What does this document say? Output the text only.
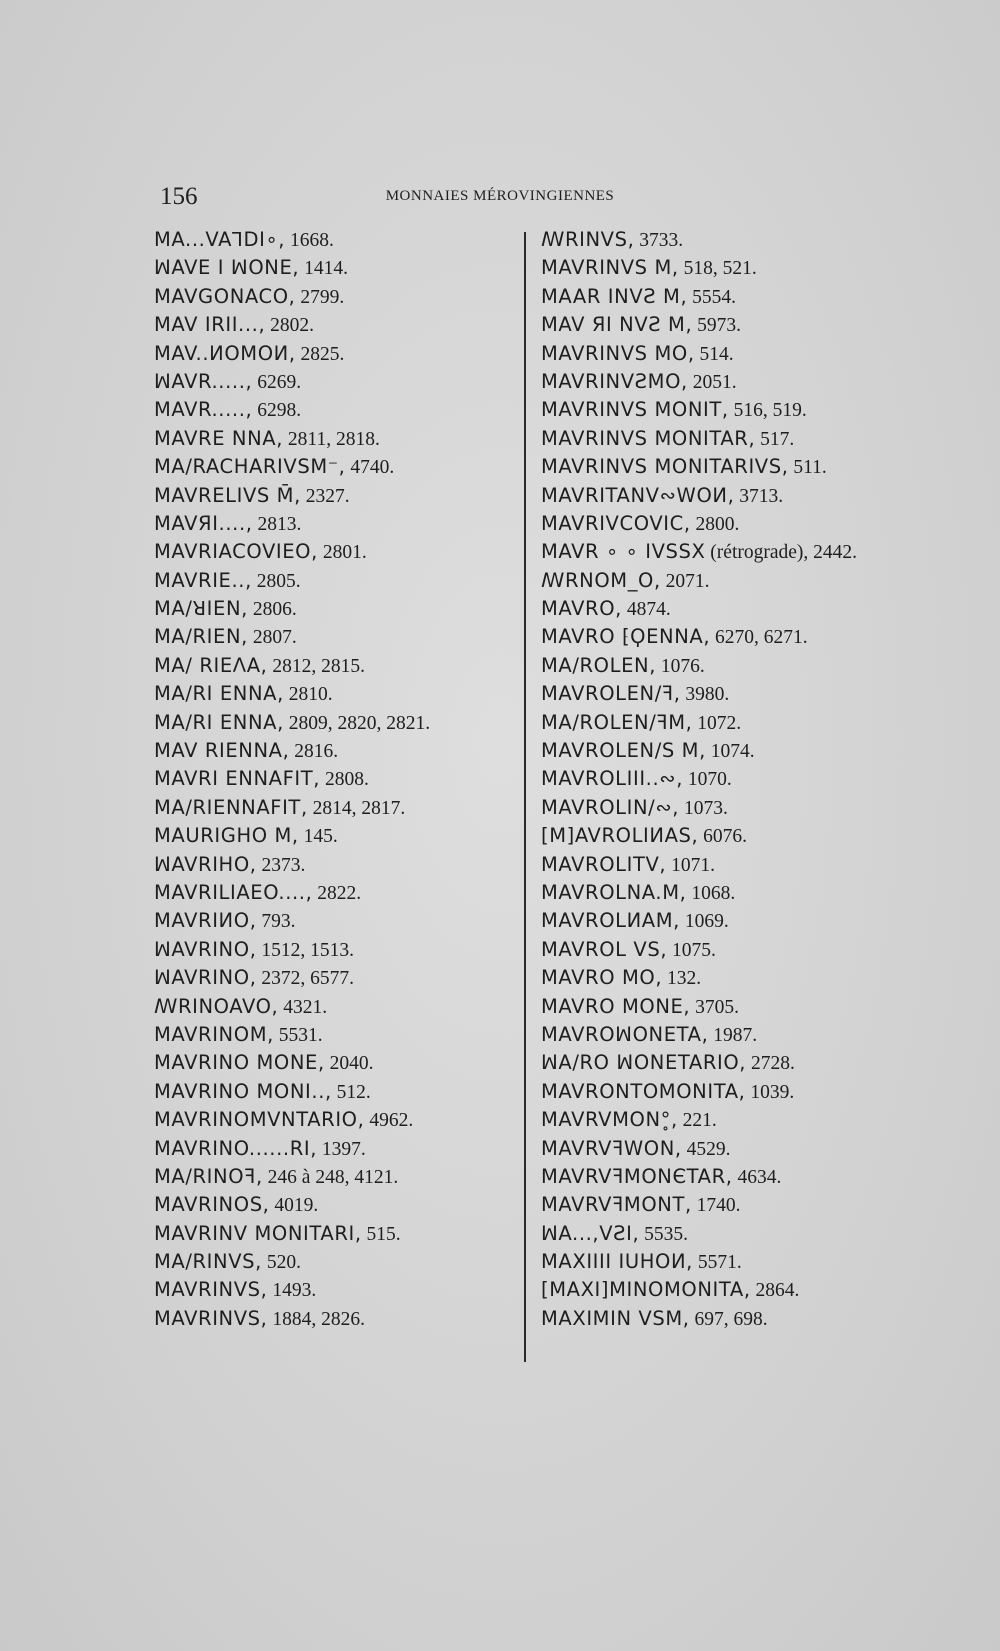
156	MONNAIES MÉROVINGIENNES
MA...VAꓶDI∘, 1668.
ꟽAVE I ꟽONE, 1414.
MAVGONACO, 2799.
MAV IRII..., 2802.
MAV..ИOMOИ, 2825.
ꟽAVR....., 6269.
MAVR....., 6298.
MAVRE NNA, 2811, 2818.
MA/RACHARIVSM⁻, 4740.
MAVRELIVS M̄, 2327.
MAVЯI...., 2813.
MAVRIACOVIEO, 2801.
MAVRIE.., 2805.
MA/ꓤIEN, 2806.
MA/RIEN, 2807.
MA/ RIEΛA, 2812, 2815.
MA/RI ENNA, 2810.
MA/RI ENNA, 2809, 2820, 2821.
MAV RIENNA, 2816.
MAVRI ENNAFIT, 2808.
MA/RIENNAFIT, 2814, 2817.
MAURIGHO M, 145.
ꟽAVRIHO, 2373.
MAVRILIAEO...., 2822.
MAVRIИO, 793.
ꟽAVRINO, 1512, 1513.
ꟽAVRINO, 2372, 6577.
ꟿRINOAVO, 4321.
MAVRINOM, 5531.
MAVRINO MONE, 2040.
MAVRINO MONI.., 512.
MAVRINOMVNTARIO, 4962.
MAVRINO......RI, 1397.
MA/RINOꟻ, 246 à 248, 4121.
MAVRINOS, 4019.
MAVRINV MONITARI, 515.
MA/RINVS, 520.
MAVRINVS, 1493.
MAVRINVS, 1884, 2826.
ꟿRINVS, 3733.
MAVRINVS M, 518, 521.
MAAR INVƧ M, 5554.
MAV ЯI NVƧ M, 5973.
MAVRINVS MO, 514.
MAVRINVƧMO, 2051.
MAVRINVS MONIT, 516, 519.
MAVRINVS MONITAR, 517.
MAVRINVS MONITARIVS, 511.
MAVRITANV∾WOИ, 3713.
MAVRIVCOVIC, 2800.
MAVR ∘ ∘ IVSSX (rétrograde), 2442.
ꟿRNOM_O, 2071.
MAVRO, 4874.
MAVRO ⁅ϘENNA, 6270, 6271.
MA/ROLEN, 1076.
MAVROLEN/ꟻ, 3980.
MA/ROLEN/ꟻM, 1072.
MAVROLEN/S M, 1074.
MAVROLIII..∾, 1070.
MAVROLIN/∾, 1073.
[M]AVROLIИAS, 6076.
MAVROLITV, 1071.
MAVROLNA.M, 1068.
MAVROLИAM, 1069.
MAVROL VS, 1075.
MAVRO MO, 132.
MAVRO MONE, 3705.
MAVROꟽONETA, 1987.
ꟽA/RO ꟽONETARIO, 2728.
MAVRONTOMONITA, 1039.
MAVRVMON°̥, 221.
MAVRVꟻWON, 4529.
MAVRVꟻMONЄTAR, 4634.
MAVRVꟻMONT, 1740.
ꟽA...,VƧI, 5535.
MAXIIII IUHOИ, 5571.
[MAXI]MINOMONITA, 2864.
MAXIMIN VSM, 697, 698.
